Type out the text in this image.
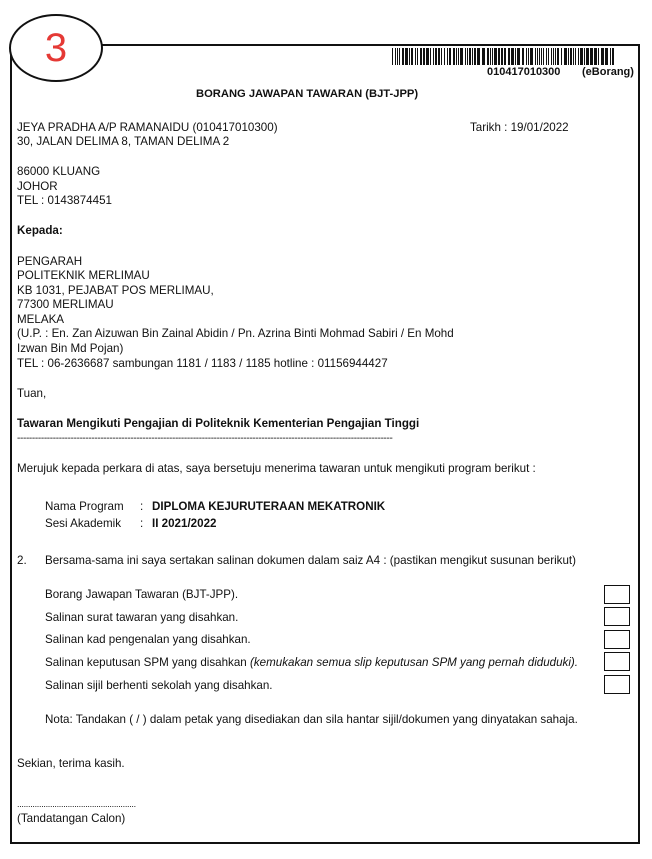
3
010417010300 (eBorang)
BORANG JAWAPAN TAWARAN (BJT-JPP)
JEYA PRADHA A/P RAMANAIDU (010417010300)
30, JALAN DELIMA 8, TAMAN DELIMA 2
Tarikh : 19/01/2022
86000 KLUANG
JOHOR
TEL : 0143874451
Kepada:
PENGARAH
POLITEKNIK MERLIMAU
KB 1031, PEJABAT POS MERLIMAU,
77300 MERLIMAU
MELAKA
(U.P. : En. Zan Aizuwan Bin Zainal Abidin / Pn. Azrina Binti Mohmad Sabiri / En Mohd
Izwan Bin Md Pojan)
TEL : 06-2636687 sambungan 1181 / 1183 / 1185 hotline : 01156944427
Tuan,
Tawaran Mengikuti Pengajian di Politeknik Kementerian Pengajian Tinggi
------------------------------------------------------------------------------------------------------------------------------
Merujuk kepada perkara di atas, saya bersetuju menerima tawaran untuk mengikuti program berikut :
Nama Program : DIPLOMA KEJURUTERAAN MEKATRONIK
Sesi Akademik : II 2021/2022
2. Bersama-sama ini saya sertakan salinan dokumen dalam saiz A4 : (pastikan mengikut susunan berikut)
Borang Jawapan Tawaran (BJT-JPP).
Salinan surat tawaran yang disahkan.
Salinan kad pengenalan yang disahkan.
Salinan keputusan SPM yang disahkan (kemukakan semua slip keputusan SPM yang pernah diduduki).
Salinan sijil berhenti sekolah yang disahkan.
Nota: Tandakan ( / ) dalam petak yang disediakan dan sila hantar sijil/dokumen yang dinyatakan sahaja.
Sekian, terima kasih.
......................................................
(Tandatangan Calon)
